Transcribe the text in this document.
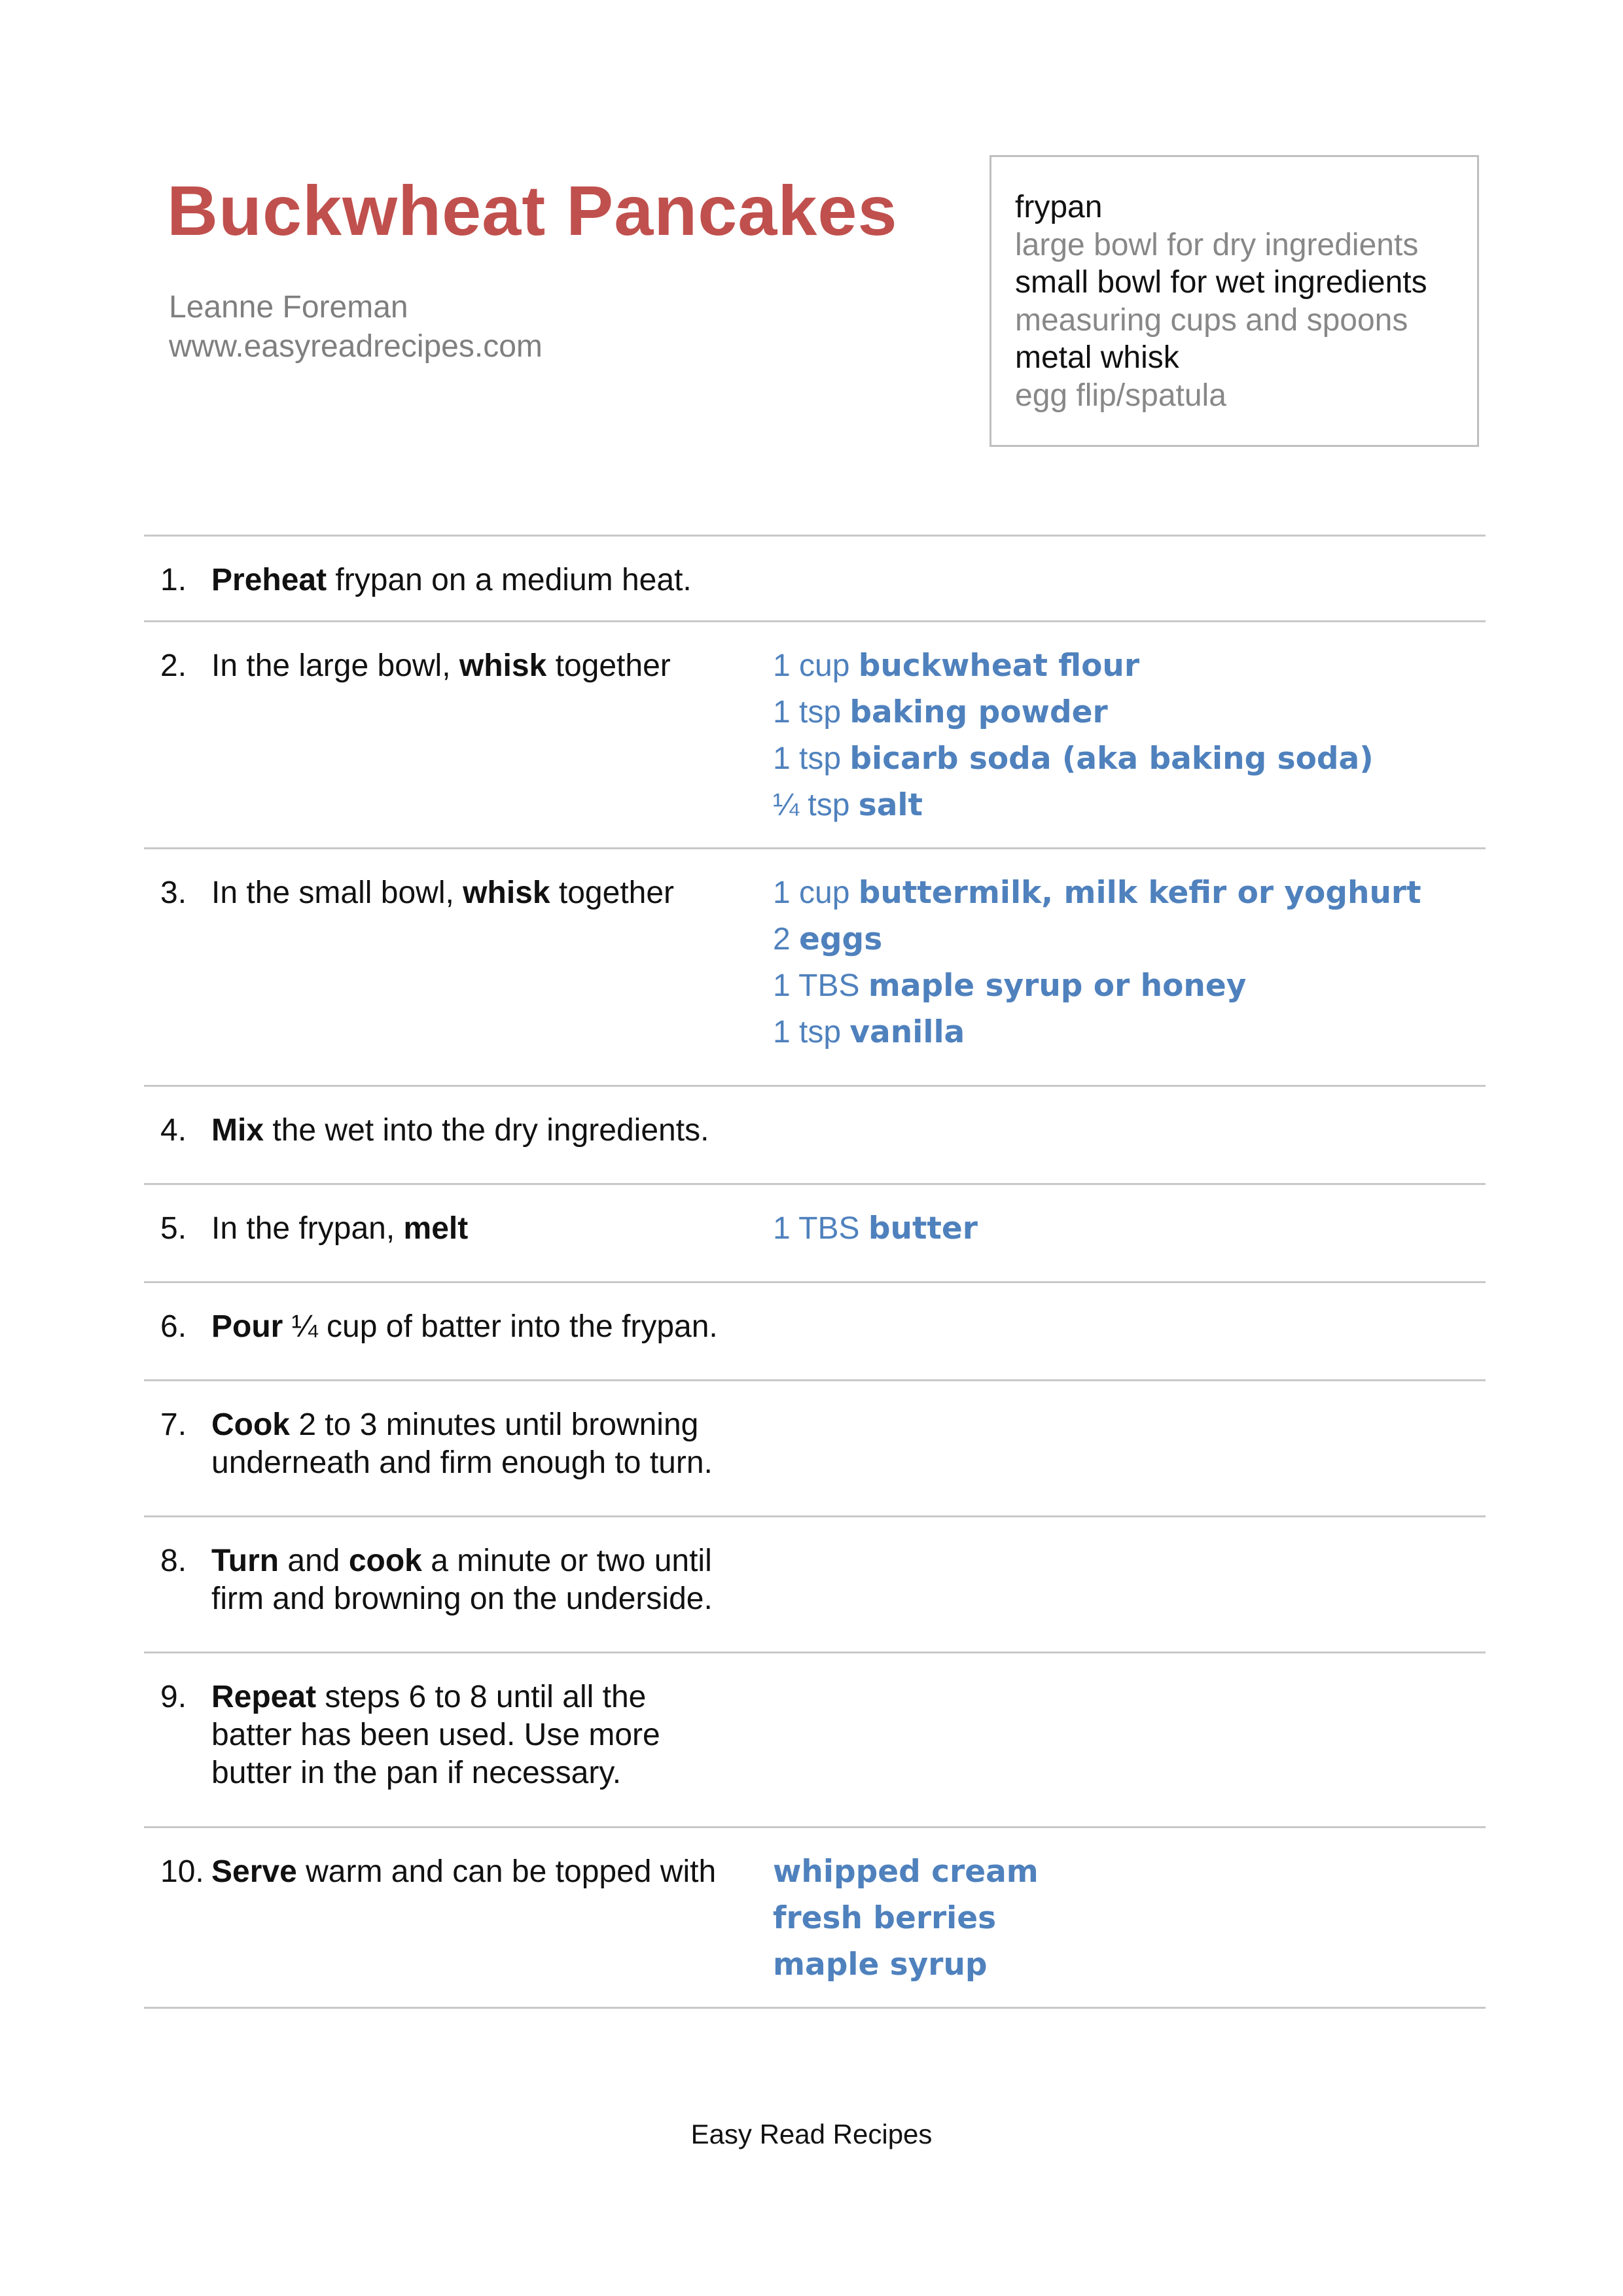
Buckwheat Pancakes
Leanne Foreman
www.easyreadrecipes.com
frypan
large bowl for dry ingredients
small bowl for wet ingredients
measuring cups and spoons
metal whisk
egg flip/spatula
1. Preheat frypan on a medium heat.
2. In the large bowl, whisk together	1 cup buckwheat flour
1 tsp baking powder
1 tsp bicarb soda (aka baking soda)
¼ tsp salt
3. In the small bowl, whisk together	1 cup buttermilk, milk kefir or yoghurt
2 eggs
1 TBS maple syrup or honey
1 tsp vanilla
4. Mix the wet into the dry ingredients.
5. In the frypan, melt	1 TBS butter
6. Pour ¼ cup of batter into the frypan.
7. Cook 2 to 3 minutes until browning underneath and firm enough to turn.
8. Turn and cook a minute or two until firm and browning on the underside.
9. Repeat steps 6 to 8 until all the batter has been used. Use more butter in the pan if necessary.
10. Serve warm and can be topped with	whipped cream
fresh berries
maple syrup
Easy Read Recipes
